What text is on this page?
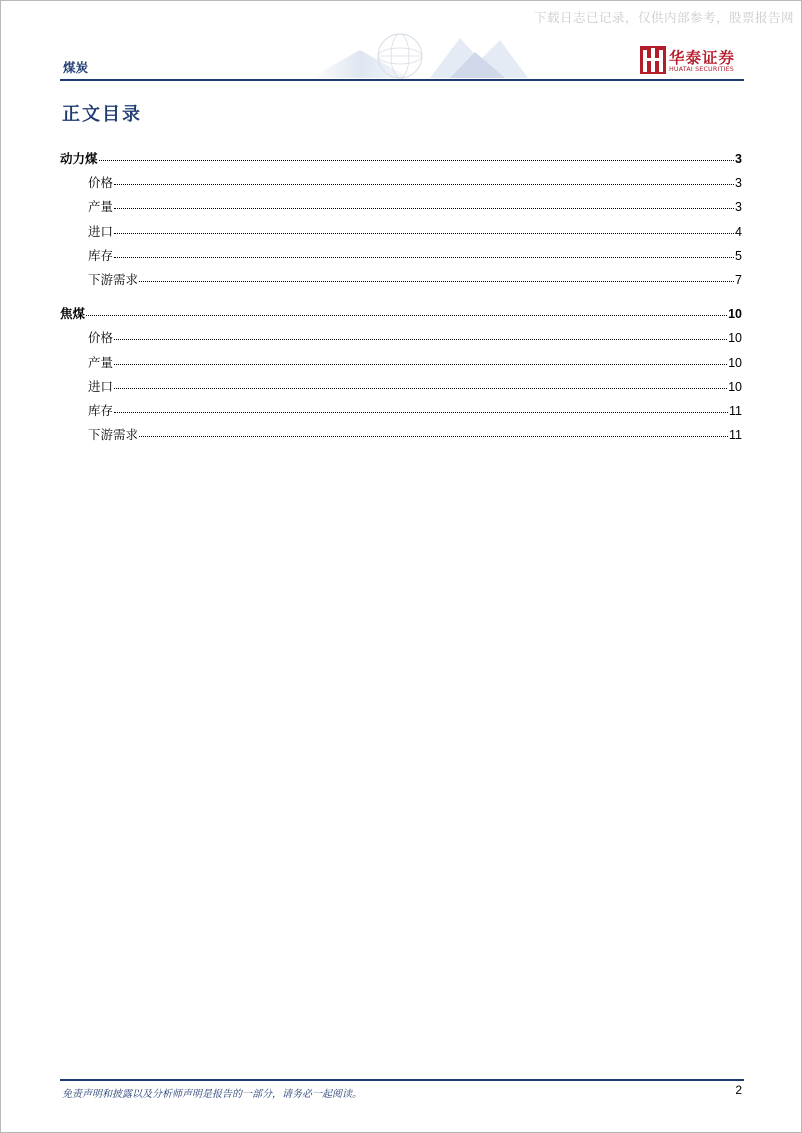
下载日志已记录，仅供内部参考，股票报告网
煤炭
华泰证券
HUATAI SECURITIES
正文目录
动力煤	3
价格	3
产量	3
进口	4
库存	5
下游需求	7
焦煤	10
价格	10
产量	10
进口	10
库存	11
下游需求	11
免责声明和披露以及分析师声明是报告的一部分，请务必一起阅读。	2
